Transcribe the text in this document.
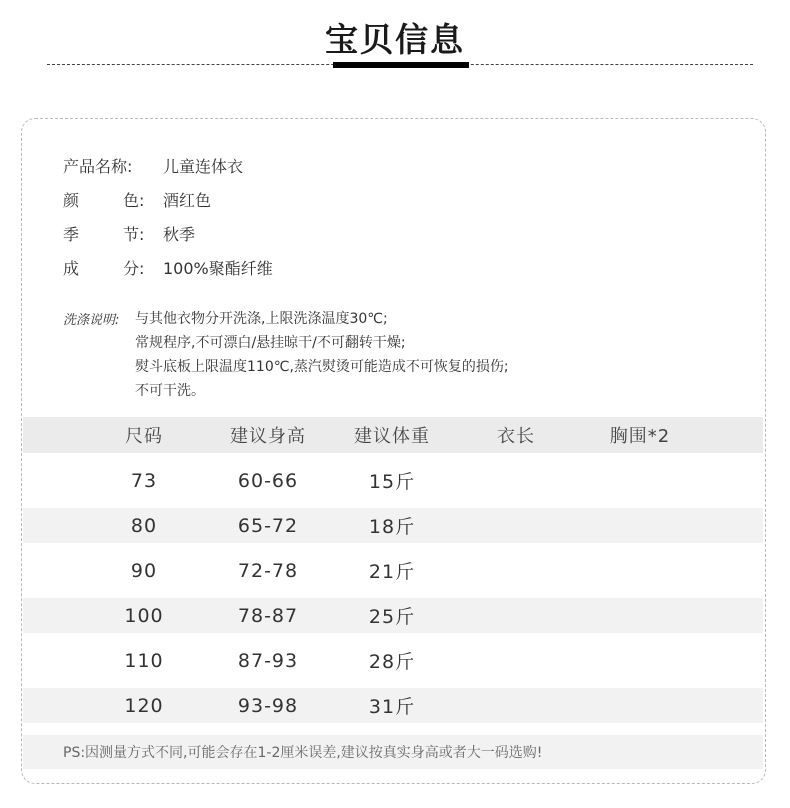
宝贝信息
产品名称: 儿童连体衣
颜	色: 酒红色
季	节: 秋季
成	分: 100%聚酯纤维
洗涤说明:	与其他衣物分开洗涤,上限洗涤温度30℃;
常规程序,不可漂白/悬挂晾干/不可翻转干燥;
熨斗底板上限温度110℃,蒸汽熨烫可能造成不可恢复的损伤;
不可干洗。
尺码	建议身高	建议体重	衣长	胸围*2
73	60-66	15斤
80	65-72	18斤
90	72-78	21斤
100	78-87	25斤
110	87-93	28斤
120	93-98	31斤
PS:因测量方式不同,可能会存在1-2厘米误差,建议按真实身高或者大一码选购!
